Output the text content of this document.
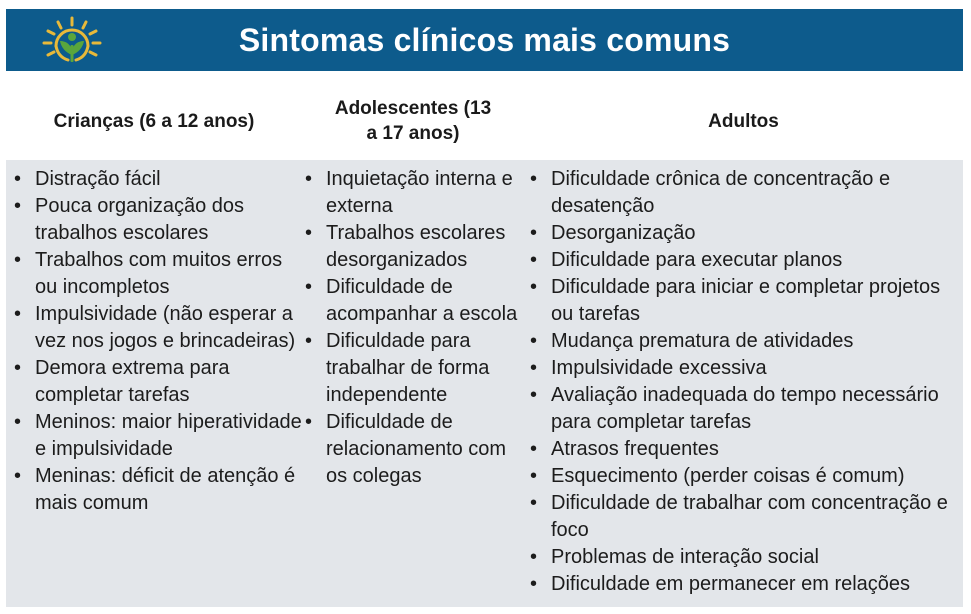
Sintomas clínicos mais comuns
Crianças (6 a 12 anos)
Adolescentes (13 a 17 anos)
Adultos
• Distração fácil
• Pouca organização dos trabalhos escolares
• Trabalhos com muitos erros ou incompletos
• Impulsividade (não esperar a vez nos jogos e brincadeiras)
• Demora extrema para completar tarefas
• Meninos: maior hiperatividade e impulsividade
• Meninas: déficit de atenção é mais comum
• Inquietação interna e externa
• Trabalhos escolares desorganizados
• Dificuldade de acompanhar a escola
• Dificuldade para trabalhar de forma independente
• Dificuldade de relacionamento com os colegas
• Dificuldade crônica de concentração e desatenção
• Desorganização
• Dificuldade para executar planos
• Dificuldade para iniciar e completar projetos ou tarefas
• Mudança prematura de atividades
• Impulsividade excessiva
• Avaliação inadequada do tempo necessário para completar tarefas
• Atrasos frequentes
• Esquecimento (perder coisas é comum)
• Dificuldade de trabalhar com concentração e foco
• Problemas de interação social
• Dificuldade em permanecer em relações
